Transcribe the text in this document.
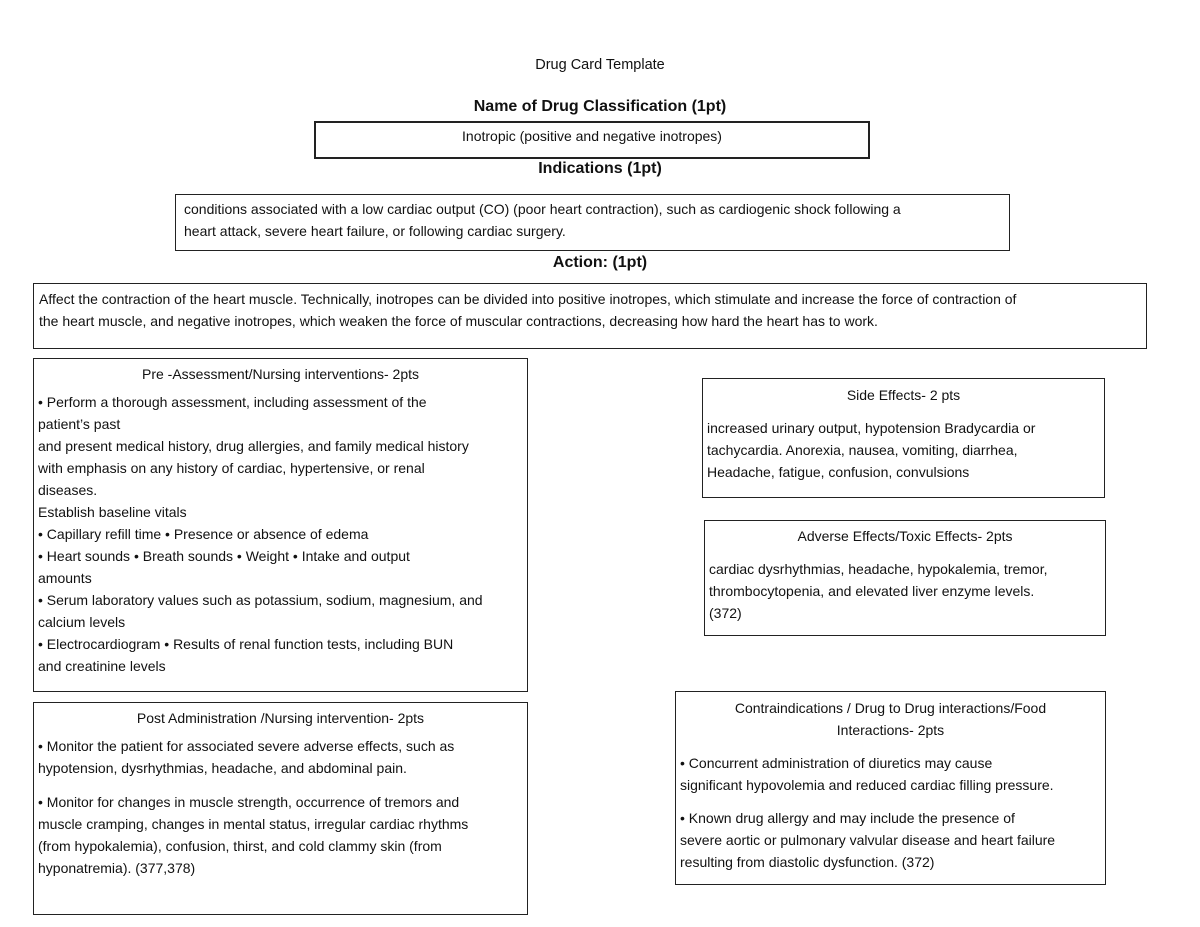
Drug Card Template
Name of Drug Classification (1pt)
Inotropic (positive and negative inotropes)
Indications (1pt)
conditions associated with a low cardiac output (CO) (poor heart contraction), such as cardiogenic shock following a
heart attack, severe heart failure, or following cardiac surgery.
Action: (1pt)
Affect the contraction of the heart muscle. Technically, inotropes can be divided into positive inotropes, which stimulate and increase the force of contraction of
the heart muscle, and negative inotropes, which weaken the force of muscular contractions, decreasing how hard the heart has to work.
Pre -Assessment/Nursing interventions- 2pts
• Perform a thorough assessment, including assessment of the
patient’s past
and present medical history, drug allergies, and family medical history
with emphasis on any history of cardiac, hypertensive, or renal
diseases.
Establish baseline vitals
• Capillary refill time • Presence or absence of edema
• Heart sounds • Breath sounds • Weight • Intake and output
amounts
• Serum laboratory values such as potassium, sodium, magnesium, and
calcium levels
• Electrocardiogram • Results of renal function tests, including BUN
and creatinine levels
Post Administration /Nursing intervention- 2pts
• Monitor the patient for associated severe adverse effects, such as
hypotension, dysrhythmias, headache, and abdominal pain.
• Monitor for changes in muscle strength, occurrence of tremors and
muscle cramping, changes in mental status, irregular cardiac rhythms
(from hypokalemia), confusion, thirst, and cold clammy skin (from
hyponatremia). (377,378)
Side Effects- 2 pts
increased urinary output, hypotension Bradycardia or
tachycardia. Anorexia, nausea, vomiting, diarrhea,
Headache, fatigue, confusion, convulsions
Adverse Effects/Toxic Effects- 2pts
cardiac dysrhythmias, headache, hypokalemia, tremor,
thrombocytopenia, and elevated liver enzyme levels.
(372)
Contraindications / Drug to Drug interactions/Food
Interactions- 2pts
• Concurrent administration of diuretics may cause
significant hypovolemia and reduced cardiac filling pressure.
• Known drug allergy and may include the presence of
severe aortic or pulmonary valvular disease and heart failure
resulting from diastolic dysfunction. (372)
